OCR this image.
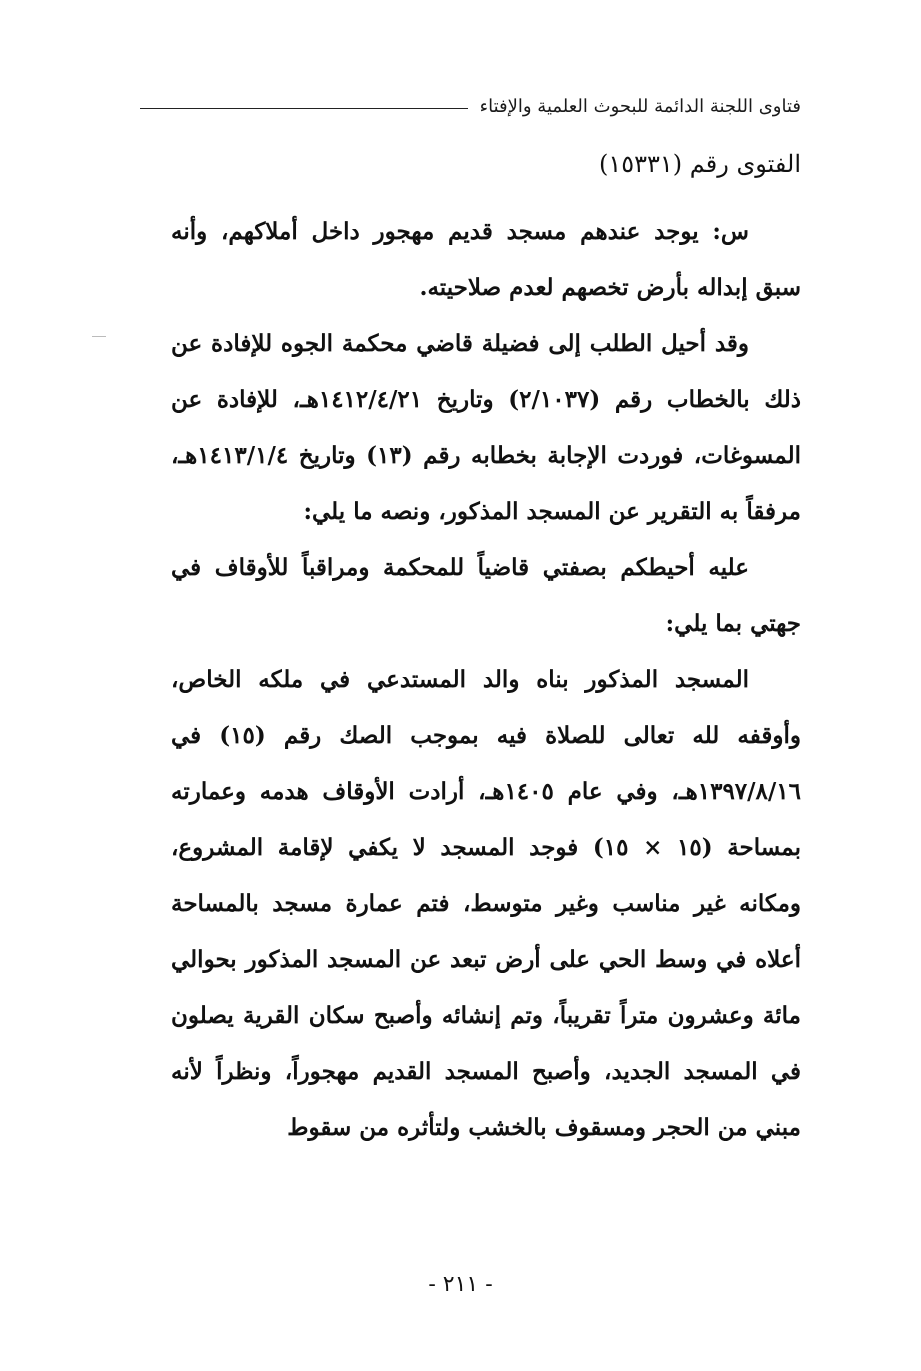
فتاوى اللجنة الدائمة للبحوث العلمية والإفتاء
الفتوى رقم (١٥٣٣١)

س: يوجد عندهم مسجد قديم مهجور داخل أملاكهم، وأنه سبق إبداله بأرض تخصهم لعدم صلاحيته.

وقد أحيل الطلب إلى فضيلة قاضي محكمة الجوه للإفادة عن ذلك بالخطاب رقم (٢/١٠٣٧) وتاريخ ١٤١٢/٤/٢١هـ، للإفادة عن المسوغات، فوردت الإجابة بخطابه رقم (١٣) وتاريخ ١٤١٣/١/٤هـ، مرفقاً به التقرير عن المسجد المذكور، ونصه ما يلي:

عليه أحيطكم بصفتي قاضياً للمحكمة ومراقباً للأوقاف في جهتي بما يلي:

المسجد المذكور بناه والد المستدعي في ملكه الخاص، وأوقفه لله تعالى للصلاة فيه بموجب الصك رقم (١٥) في ١٣٩٧/٨/١٦هـ، وفي عام ١٤٠٥هـ، أرادت الأوقاف هدمه وعمارته بمساحة (١٥ × ١٥) فوجد المسجد لا يكفي لإقامة المشروع، ومكانه غير مناسب وغير متوسط، فتم عمارة مسجد بالمساحة أعلاه في وسط الحي على أرض تبعد عن المسجد المذكور بحوالي مائة وعشرون متراً تقريباً، وتم إنشائه وأصبح سكان القرية يصلون في المسجد الجديد، وأصبح المسجد القديم مهجوراً، ونظراً لأنه مبني من الحجر ومسقوف بالخشب ولتأثره من سقوط

- ٢١١ -
